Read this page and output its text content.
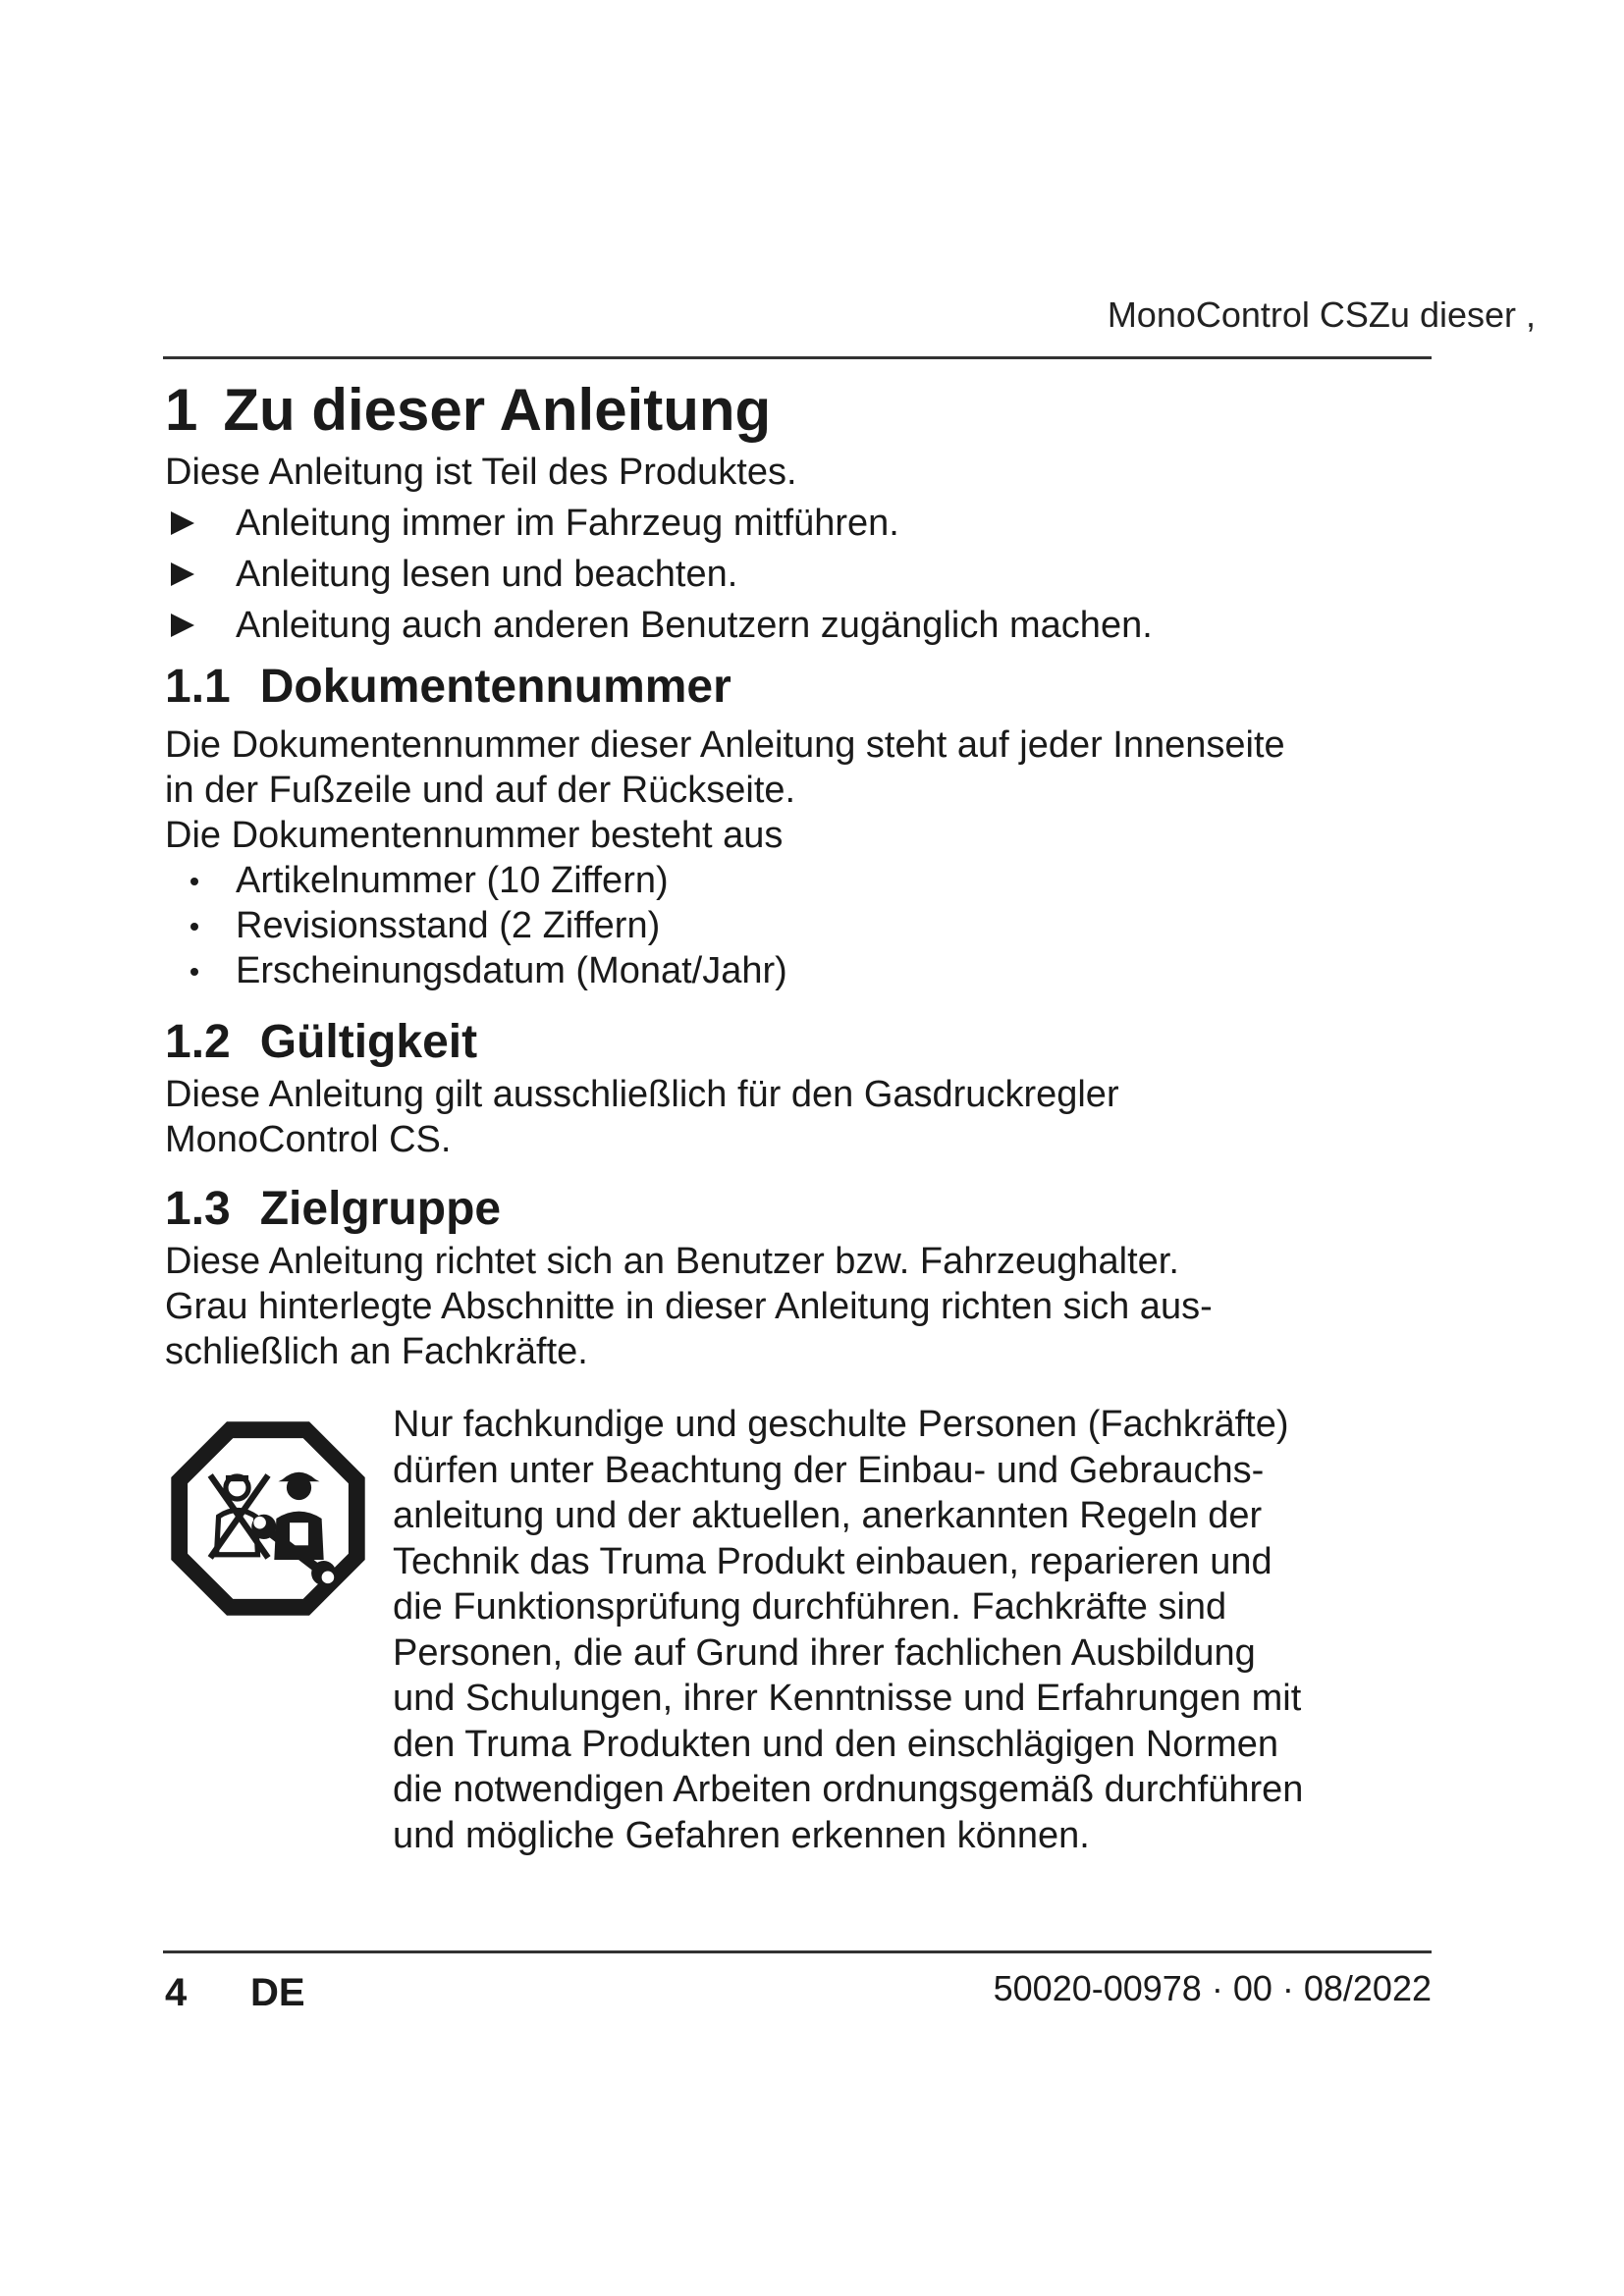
MonoControl CSZu dieser ,
1 Zu dieser Anleitung

Diese Anleitung ist Teil des Produktes.

Anleitung immer im Fahrzeug mitführen.
Anleitung lesen und beachten.
Anleitung auch anderen Benutzern zugänglich machen.
1.1 Dokumentennummer

Die Dokumentennummer dieser Anleitung steht auf jeder Innenseite

in der Fußzeile und auf der Rückseite.

Die Dokumentennummer besteht aus

Artikelnummer (10 Ziffern)
Revisionsstand (2 Ziffern)
Erscheinungsdatum (Monat/Jahr)
1.2 Gültigkeit

Diese Anleitung gilt ausschließlich für den Gasdruckregler

MonoControl CS.

1.3 Zielgruppe

Diese Anleitung richtet sich an Benutzer bzw. Fahrzeughalter.

Grau hinterlegte Abschnitte in dieser Anleitung richten sich aus-

schließlich an Fachkräfte.

Nur fachkundige und geschulte Personen (Fachkräfte)

dürfen unter Beachtung der Einbau- und Gebrauchs-

anleitung und der aktuellen, anerkannten Regeln der

Technik das Truma Produkt einbauen, reparieren und

die Funktionsprüfung durchführen. Fachkräfte sind

Personen, die auf Grund ihrer fachlichen Ausbildung

und Schulungen, ihrer Kenntnisse und Erfahrungen mit

den Truma Produkten und den einschlägigen Normen

die notwendigen Arbeiten ordnungsgemäß durchführen

und mögliche Gefahren erkennen können.

4 DE	50020-00978 · 00 · 08/2022
